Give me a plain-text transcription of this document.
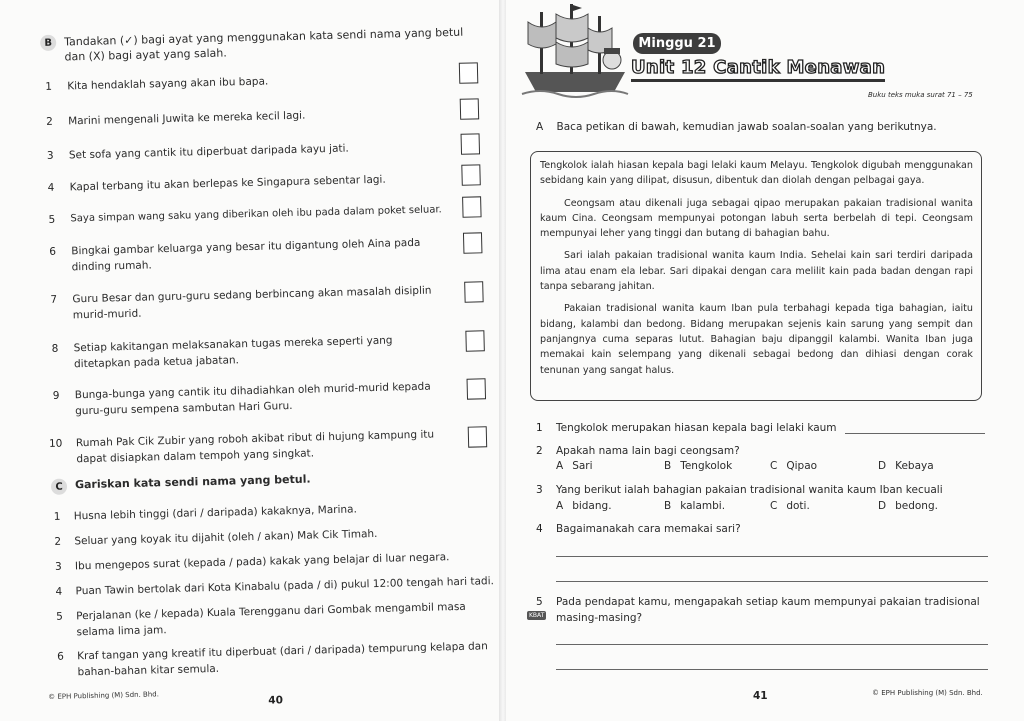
B	Tandakan (✓) bagi ayat yang menggunakan kata sendi nama yang betul dan (X) bagi ayat yang salah.
1	Kita hendaklah sayang akan ibu bapa.
2	Marini mengenali Juwita ke mereka kecil lagi.
3	Set sofa yang cantik itu diperbuat daripada kayu jati.
4	Kapal terbang itu akan berlepas ke Singapura sebentar lagi.
5	Saya simpan wang saku yang diberikan oleh ibu pada dalam poket seluar.
6	Bingkai gambar keluarga yang besar itu digantung oleh Aina pada dinding rumah.
7	Guru Besar dan guru-guru sedang berbincang akan masalah disiplin murid-murid.
8	Setiap kakitangan melaksanakan tugas mereka seperti yang ditetapkan pada ketua jabatan.
9	Bunga-bunga yang cantik itu dihadiahkan oleh murid-murid kepada guru-guru sempena sambutan Hari Guru.
10	Rumah Pak Cik Zubir yang roboh akibat ribut di hujung kampung itu dapat disiapkan dalam tempoh yang singkat.
C	Gariskan kata sendi nama yang betul.
1	Husna lebih tinggi (dari / daripada) kakaknya, Marina.
2	Seluar yang koyak itu dijahit (oleh / akan) Mak Cik Timah.
3	Ibu mengepos surat (kepada / pada) kakak yang belajar di luar negara.
4	Puan Tawin bertolak dari Kota Kinabalu (pada / di) pukul 12:00 tengah hari tadi.
5	Perjalanan (ke / kepada) Kuala Terengganu dari Gombak mengambil masa selama lima jam.
6	Kraf tangan yang kreatif itu diperbuat (dari / daripada) tempurung kelapa dan bahan-bahan kitar semula.
© EPH Publishing (M) Sdn. Bhd.	40
Minggu 21
Unit 12 Cantik Menawan
Buku teks muka surat 71 – 75
A Baca petikan di bawah, kemudian jawab soalan-soalan yang berikutnya.

Tengkolok ialah hiasan kepala bagi lelaki kaum Melayu. Tengkolok digubah menggunakan sebidang kain yang dilipat, disusun, dibentuk dan diolah dengan pelbagai gaya.

Ceongsam atau dikenali juga sebagai qipao merupakan pakaian tradisional wanita kaum Cina. Ceongsam mempunyai potongan labuh serta berbelah di tepi. Ceongsam mempunyai leher yang tinggi dan butang di bahagian bahu.

Sari ialah pakaian tradisional wanita kaum India. Sehelai kain sari terdiri daripada lima atau enam ela lebar. Sari dipakai dengan cara melilit kain pada badan dengan rapi tanpa sebarang jahitan.

Pakaian tradisional wanita kaum Iban pula terbahagi kepada tiga bahagian, iaitu bidang, kalambi dan bedong. Bidang merupakan sejenis kain sarung yang sempit dan panjangnya cuma separas lutut. Bahagian baju dipanggil kalambi. Wanita Iban juga memakai kain selempang yang dikenali sebagai bedong dan dihiasi dengan corak tenunan yang sangat halus.

1	Tengkolok merupakan hiasan kepala bagi lelaki kaum
2	Apakah nama lain bagi ceongsam?
A Sari	B Tengkolok	C Qipao	D Kebaya
3	Yang berikut ialah bahagian pakaian tradisional wanita kaum Iban kecuali
A bidang.	B kalambi.	C doti.	D bedong.
4	Bagaimanakah cara memakai sari?
5
KBAT
Pada pendapat kamu, mengapakah setiap kaum mempunyai pakaian tradisional masing-masing?
41	© EPH Publishing (M) Sdn. Bhd.
